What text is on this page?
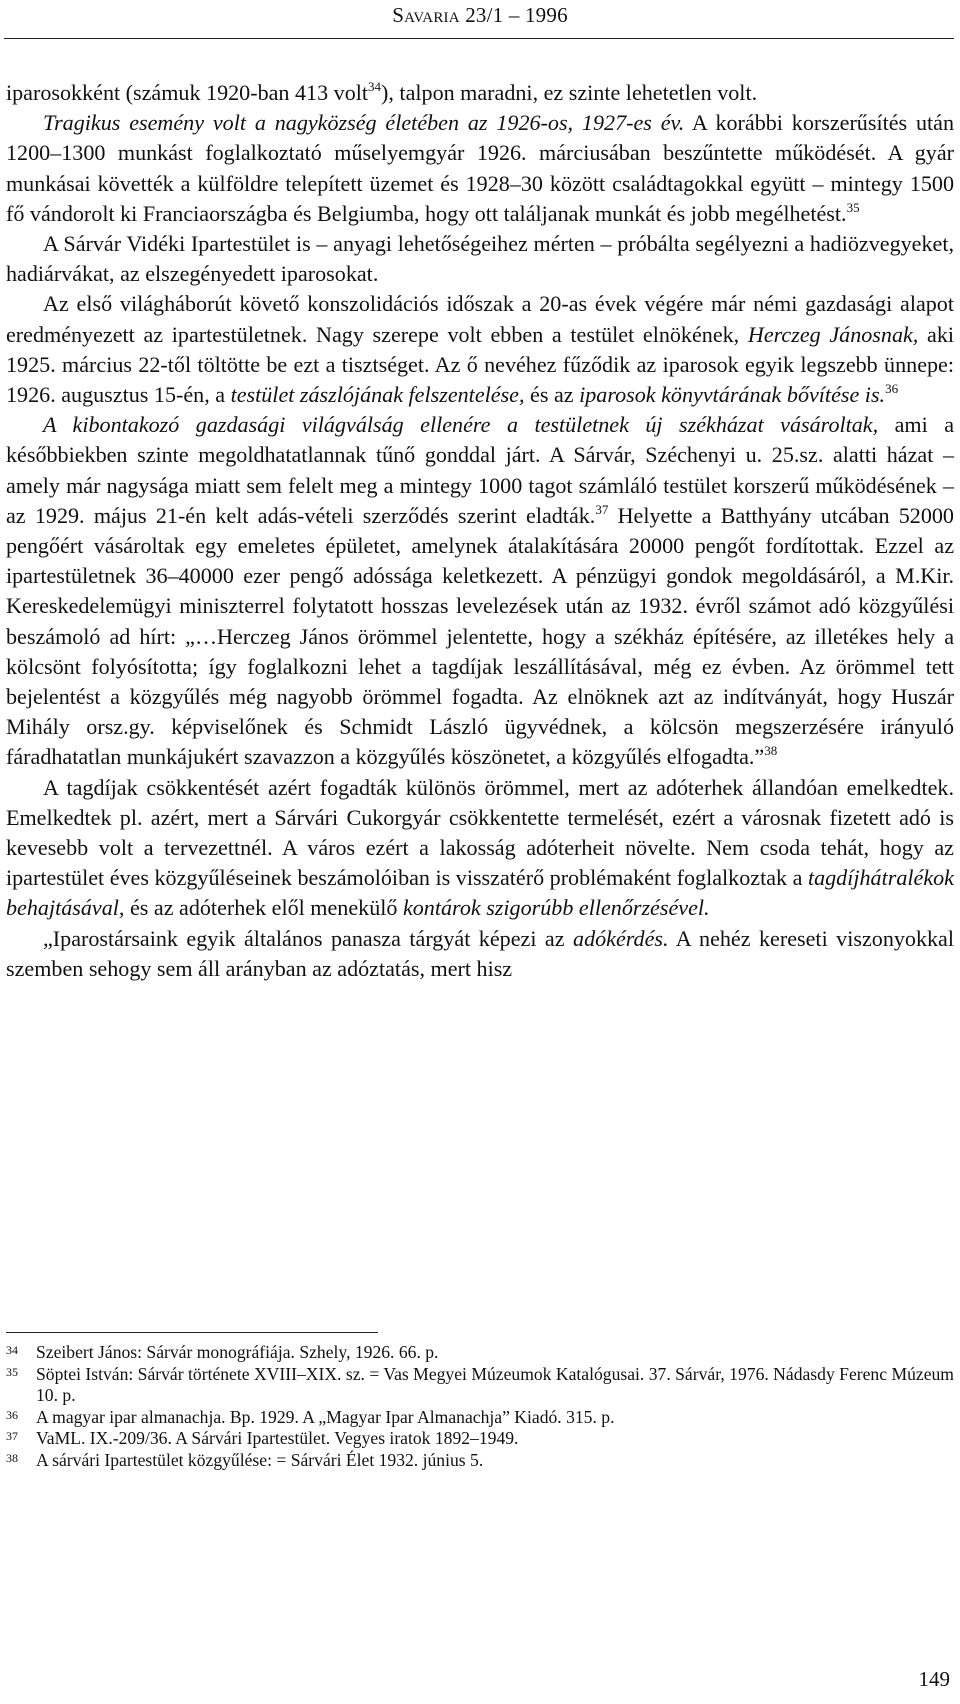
Savaria 23/1 – 1996

iparosokként (számuk 1920-ban 413 volt$^{34}$), talpon maradni, ez szinte lehetetlen volt.

Tragikus esemény volt a nagyközség életében az 1926-os, 1927-es év. A korábbi korszerűsítés után 1200–1300 munkást foglalkoztató műselyemgyár 1926. márciusában beszűntette működését. A gyár munkásai követték a külföldre telepített üzemet és 1928–30 között családtagokkal együtt – mintegy 1500 fő vándorolt ki Franciaországba és Belgiumba, hogy ott találjanak munkát és jobb megélhetést.$^{35}$

A Sárvár Vidéki Ipartestület is – anyagi lehetőségeihez mérten – próbálta segélyezni a hadiözvegyeket, hadiárvákat, az elszegényedett iparosokat.

Az első világháborút követő konszolidációs időszak a 20-as évek végére már némi gazdasági alapot eredményezett az ipartestületnek. Nagy szerepe volt ebben a testület elnökének, Herczeg Jánosnak, aki 1925. március 22-től töltötte be ezt a tisztséget. Az ő nevéhez fűződik az iparosok egyik legszebb ünnepe: 1926. augusztus 15-én, a testület zászlójának felszentelése, és az iparosok könyvtárának bővítése is.$^{36}$

A kibontakozó gazdasági világválság ellenére a testületnek új székházat vásároltak, ami a későbbiekben szinte megoldhatatlannak tűnő gonddal járt. A Sárvár, Széchenyi u. 25.sz. alatti házat – amely már nagysága miatt sem felelt meg a mintegy 1000 tagot számláló testület korszerű működésének – az 1929. május 21-én kelt adás-vételi szerződés szerint eladták.$^{37}$ Helyette a Batthyány utcában 52000 pengőért vásároltak egy emeletes épületet, amelynek átalakítására 20000 pengőt fordítottak. Ezzel az ipartestületnek 36–40000 ezer pengő adóssága keletkezett. A pénzügyi gondok megoldásáról, a M.Kir. Kereskedelemügyi miniszterrel folytatott hosszas levelezések után az 1932. évről számot adó közgyűlési beszámoló ad hírt: „…Herczeg János örömmel jelentette, hogy a székház építésére, az illetékes hely a kölcsönt folyósította; így foglalkozni lehet a tagdíjak leszállításával, még ez évben. Az örömmel tett bejelentést a közgyűlés még nagyobb örömmel fogadta. Az elnöknek azt az indítványát, hogy Huszár Mihály orsz.gy. képviselőnek és Schmidt László ügyvédnek, a kölcsön megszerzésére irányuló fáradhatatlan munkájukért szavazzon a közgyűlés köszönetet, a közgyűlés elfogadta.”$^{38}$

A tagdíjak csökkentését azért fogadták különös örömmel, mert az adóterhek állandóan emelkedtek. Emelkedtek pl. azért, mert a Sárvári Cukorgyár csökkentette termelését, ezért a városnak fizetett adó is kevesebb volt a tervezettnél. A város ezért a lakosság adóterheit növelte. Nem csoda tehát, hogy az ipartestület éves közgyűléseinek beszámolóiban is visszatérő problémaként foglalkoztak a tagdíjhátralékok behajtásával, és az adóterhek elől menekülő kontárok szigorúbb ellenőrzésével.

„Iparostársaink egyik általános panasza tárgyát képezi az adókérdés. A nehéz kereseti viszonyokkal szemben sehogy sem áll arányban az adóztatás, mert hisz

34 Szeibert János: Sárvár monográfiája. Szhely, 1926. 66. p.

35 Söptei István: Sárvár története XVIII–XIX. sz. = Vas Megyei Múzeumok Katalógusai. 37. Sárvár, 1976. Nádasdy Ferenc Múzeum 10. p.

36 A magyar ipar almanachja. Bp. 1929. A „Magyar Ipar Almanachja” Kiadó. 315. p.

37 VaML. IX.-209/36. A Sárvári Ipartestület. Vegyes iratok 1892–1949.

38 A sárvári Ipartestület közgyűlése: = Sárvári Élet 1932. június 5.

149
